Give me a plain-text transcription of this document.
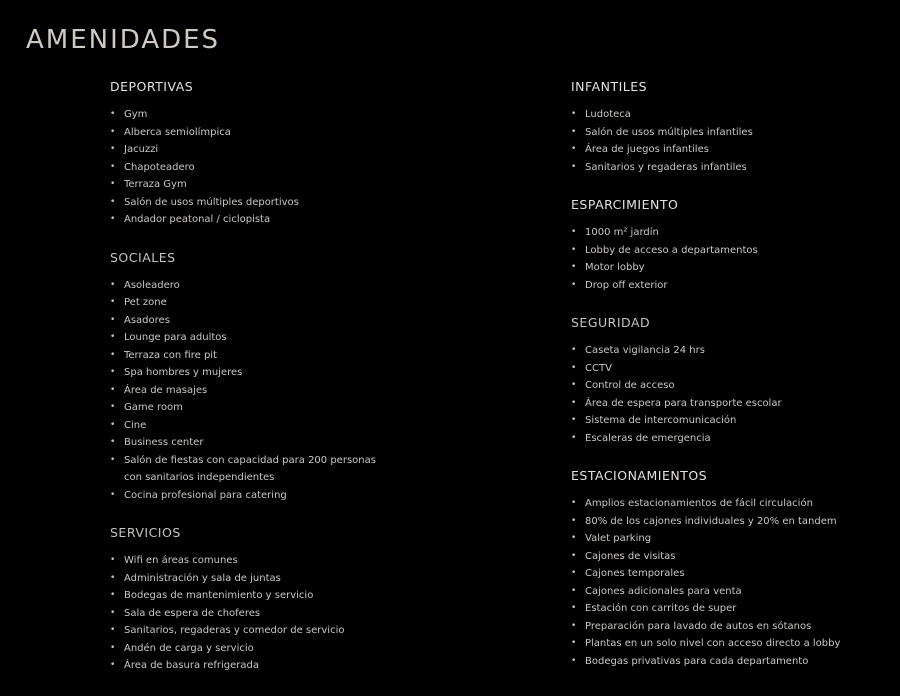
AMENIDADES
DEPORTIVAS
• Gym
• Alberca semiolímpica
• Jacuzzi
• Chapoteadero
• Terraza Gym
• Salón de usos múltiples deportivos
• Andador peatonal / ciclopista
SOCIALES
• Asoleadero
• Pet zone
• Asadores
• Lounge para adultos
• Terraza con fire pit
• Spa hombres y mujeres
• Área de masajes
• Game room
• Cine
• Business center
• Salón de fiestas con capacidad para 200 personas con sanitarios independientes
• Cocina profesional para catering
SERVICIOS
• Wifi en áreas comunes
• Administración y sala de juntas
• Bodegas de mantenimiento y servicio
• Sala de espera de choferes
• Sanitarios, regaderas y comedor de servicio
• Andén de carga y servicio
• Área de basura refrigerada
INFANTILES
• Ludoteca
• Salón de usos múltiples infantiles
• Área de juegos infantiles
• Sanitarios y regaderas infantiles
ESPARCIMIENTO
• 1000 m² jardín
• Lobby de acceso a departamentos
• Motor lobby
• Drop off exterior
SEGURIDAD
• Caseta vigilancia 24 hrs
• CCTV
• Control de acceso
• Área de espera para transporte escolar
• Sistema de intercomunicación
• Escaleras de emergencia
ESTACIONAMIENTOS
• Amplios estacionamientos de fácil circulación
• 80% de los cajones individuales y 20% en tandem
• Valet parking
• Cajones de visitas
• Cajones temporales
• Cajones adicionales para venta
• Estación con carritos de super
• Preparación para lavado de autos en sótanos
• Plantas en un solo nivel con acceso directo a lobby
• Bodegas privativas para cada departamento
